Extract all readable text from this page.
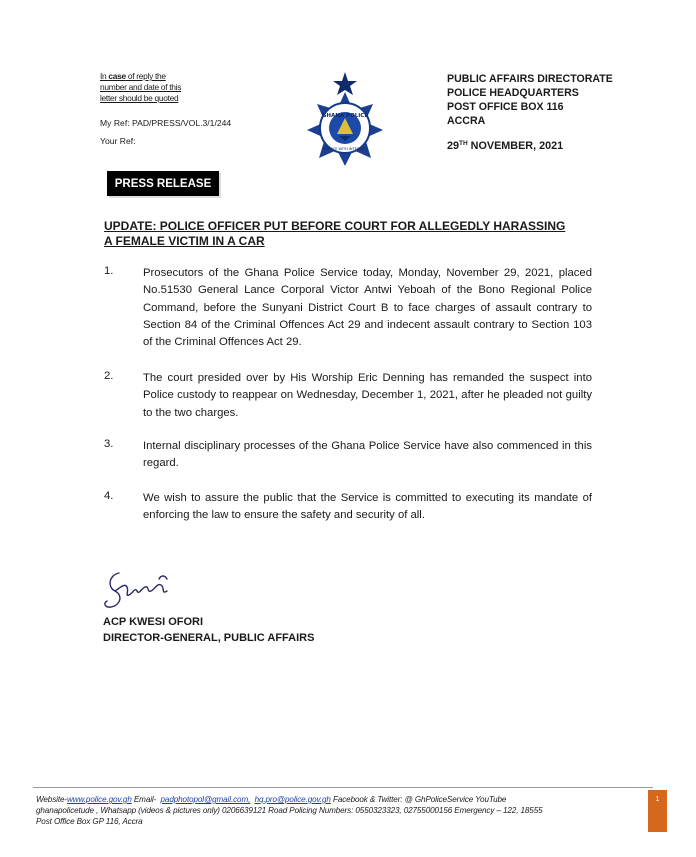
In case of reply the
number and date of this
letter should be quoted
My Ref: PAD/PRESS/VOL.3/1/244
Your Ref:
GHANA POLICE
SERVICE WITH INTEGRITY
PUBLIC AFFAIRS DIRECTORATE
POLICE HEADQUARTERS
POST OFFICE BOX 116
ACCRA
29TH NOVEMBER, 2021
PRESS RELEASE
UPDATE: POLICE OFFICER PUT BEFORE COURT FOR ALLEGEDLY HARASSING
A FEMALE VICTIM IN A CAR
1.	Prosecutors of the Ghana Police Service today, Monday, November 29, 2021, placed No.51530 General Lance Corporal Victor Antwi Yeboah of the Bono Regional Police Command, before the Sunyani District Court B to face charges of assault contrary to Section 84 of the Criminal Offences Act 29 and indecent assault contrary to Section 103 of the Criminal Offences Act 29.
2.	The court presided over by His Worship Eric Denning has remanded the suspect into Police custody to reappear on Wednesday, December 1, 2021, after he pleaded not guilty to the two charges.
3.	Internal disciplinary processes of the Ghana Police Service have also commenced in this regard.
4.	We wish to assure the public that the Service is committed to executing its mandate of enforcing the law to ensure the safety and security of all.
ACP KWESI OFORI
DIRECTOR-GENERAL, PUBLIC AFFAIRS
Website-www.police.gov.gh Email-  padphotopol@gmail.com, hq.pro@police.gov.gh Facebook & Twitter: @ GhPoliceService YouTube
ghanapolicetude , Whatsapp (videos & pictures only) 0206639121 Road Policing Numbers: 0550323323, 02755000156 Emergency – 122, 18555
Post Office Box GP 116, Accra
1
